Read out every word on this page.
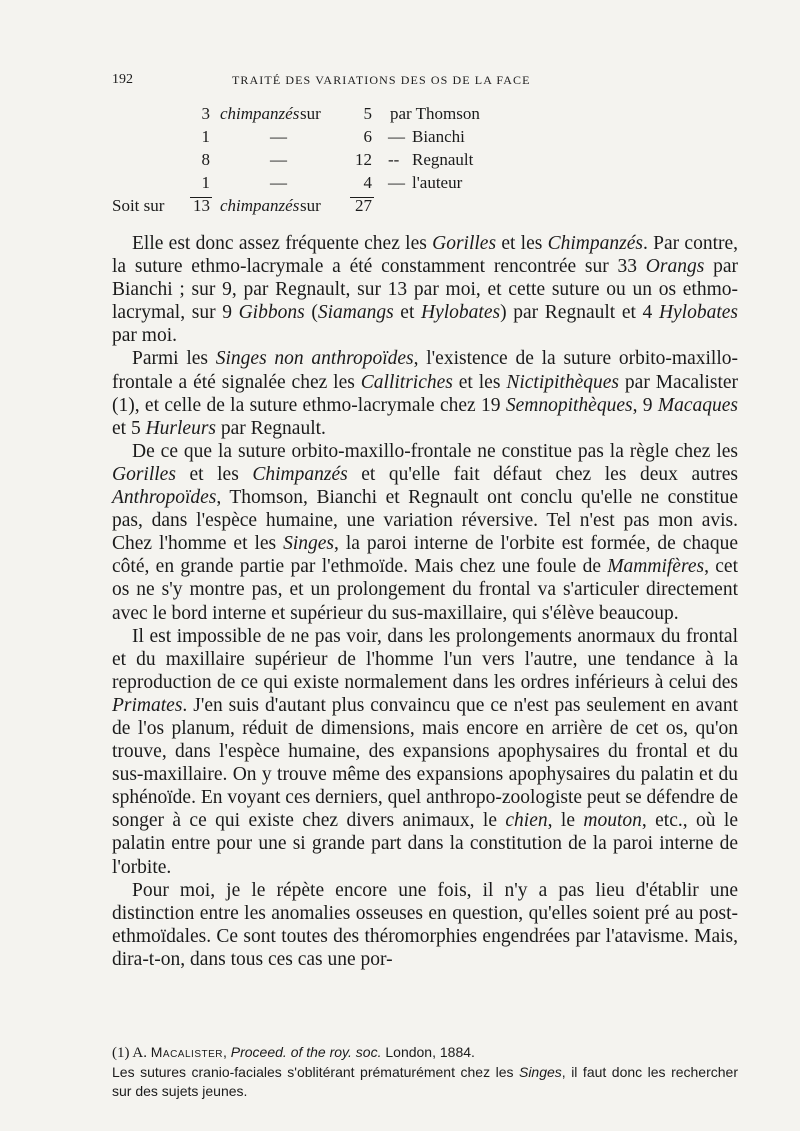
192	TRAITÉ DES VARIATIONS DES OS DE LA FACE
3 chimpanzés sur	5 par Thomson
1	—	6 — Bianchi
8	—	12 -- Regnault
1	—	4 — l'auteur
Soit sur	13 chimpanzés sur	27

Elle est donc assez fréquente chez les Gorilles et les Chimpanzés. Par contre, la suture ethmo-lacrymale a été constamment rencontrée sur 33 Orangs par Bianchi ; sur 9, par Regnault, sur 13 par moi, et cette suture ou un os ethmo-lacrymal, sur 9 Gibbons (Siamangs et Hylobates) par Regnault et 4 Hylobates par moi.

Parmi les Singes non anthropoïdes, l'existence de la suture orbito-maxillo-frontale a été signalée chez les Callitriches et les Nictipithèques par Macalister (1), et celle de la suture ethmo-lacrymale chez 19 Semnopithèques, 9 Macaques et 5 Hurleurs par Regnault.

De ce que la suture orbito-maxillo-frontale ne constitue pas la règle chez les Gorilles et les Chimpanzés et qu'elle fait défaut chez les deux autres Anthropoïdes, Thomson, Bianchi et Regnault ont conclu qu'elle ne constitue pas, dans l'espèce humaine, une variation réversive. Tel n'est pas mon avis. Chez l'homme et les Singes, la paroi interne de l'orbite est formée, de chaque côté, en grande partie par l'ethmoïde. Mais chez une foule de Mammifères, cet os ne s'y montre pas, et un prolongement du frontal va s'articuler directement avec le bord interne et supérieur du sus-maxillaire, qui s'élève beaucoup.

Il est impossible de ne pas voir, dans les prolongements anormaux du frontal et du maxillaire supérieur de l'homme l'un vers l'autre, une tendance à la reproduction de ce qui existe normalement dans les ordres inférieurs à celui des Primates. J'en suis d'autant plus convaincu que ce n'est pas seulement en avant de l'os planum, réduit de dimensions, mais encore en arrière de cet os, qu'on trouve, dans l'espèce humaine, des expansions apophysaires du frontal et du sus-maxillaire. On y trouve même des expansions apophysaires du palatin et du sphénoïde. En voyant ces derniers, quel anthropo-zoologiste peut se défendre de songer à ce qui existe chez divers animaux, le chien, le mouton, etc., où le palatin entre pour une si grande part dans la constitution de la paroi interne de l'orbite.

Pour moi, je le répète encore une fois, il n'y a pas lieu d'établir une distinction entre les anomalies osseuses en question, qu'elles soient pré au post-ethmoïdales. Ce sont toutes des théromorphies engendrées par l'atavisme. Mais, dira-t-on, dans tous ces cas une por-

(1) A. Macalister, Proceed. of the roy. soc. London, 1884.

Les sutures cranio-faciales s'oblitérant prématurément chez les Singes, il faut donc les rechercher sur des sujets jeunes.
